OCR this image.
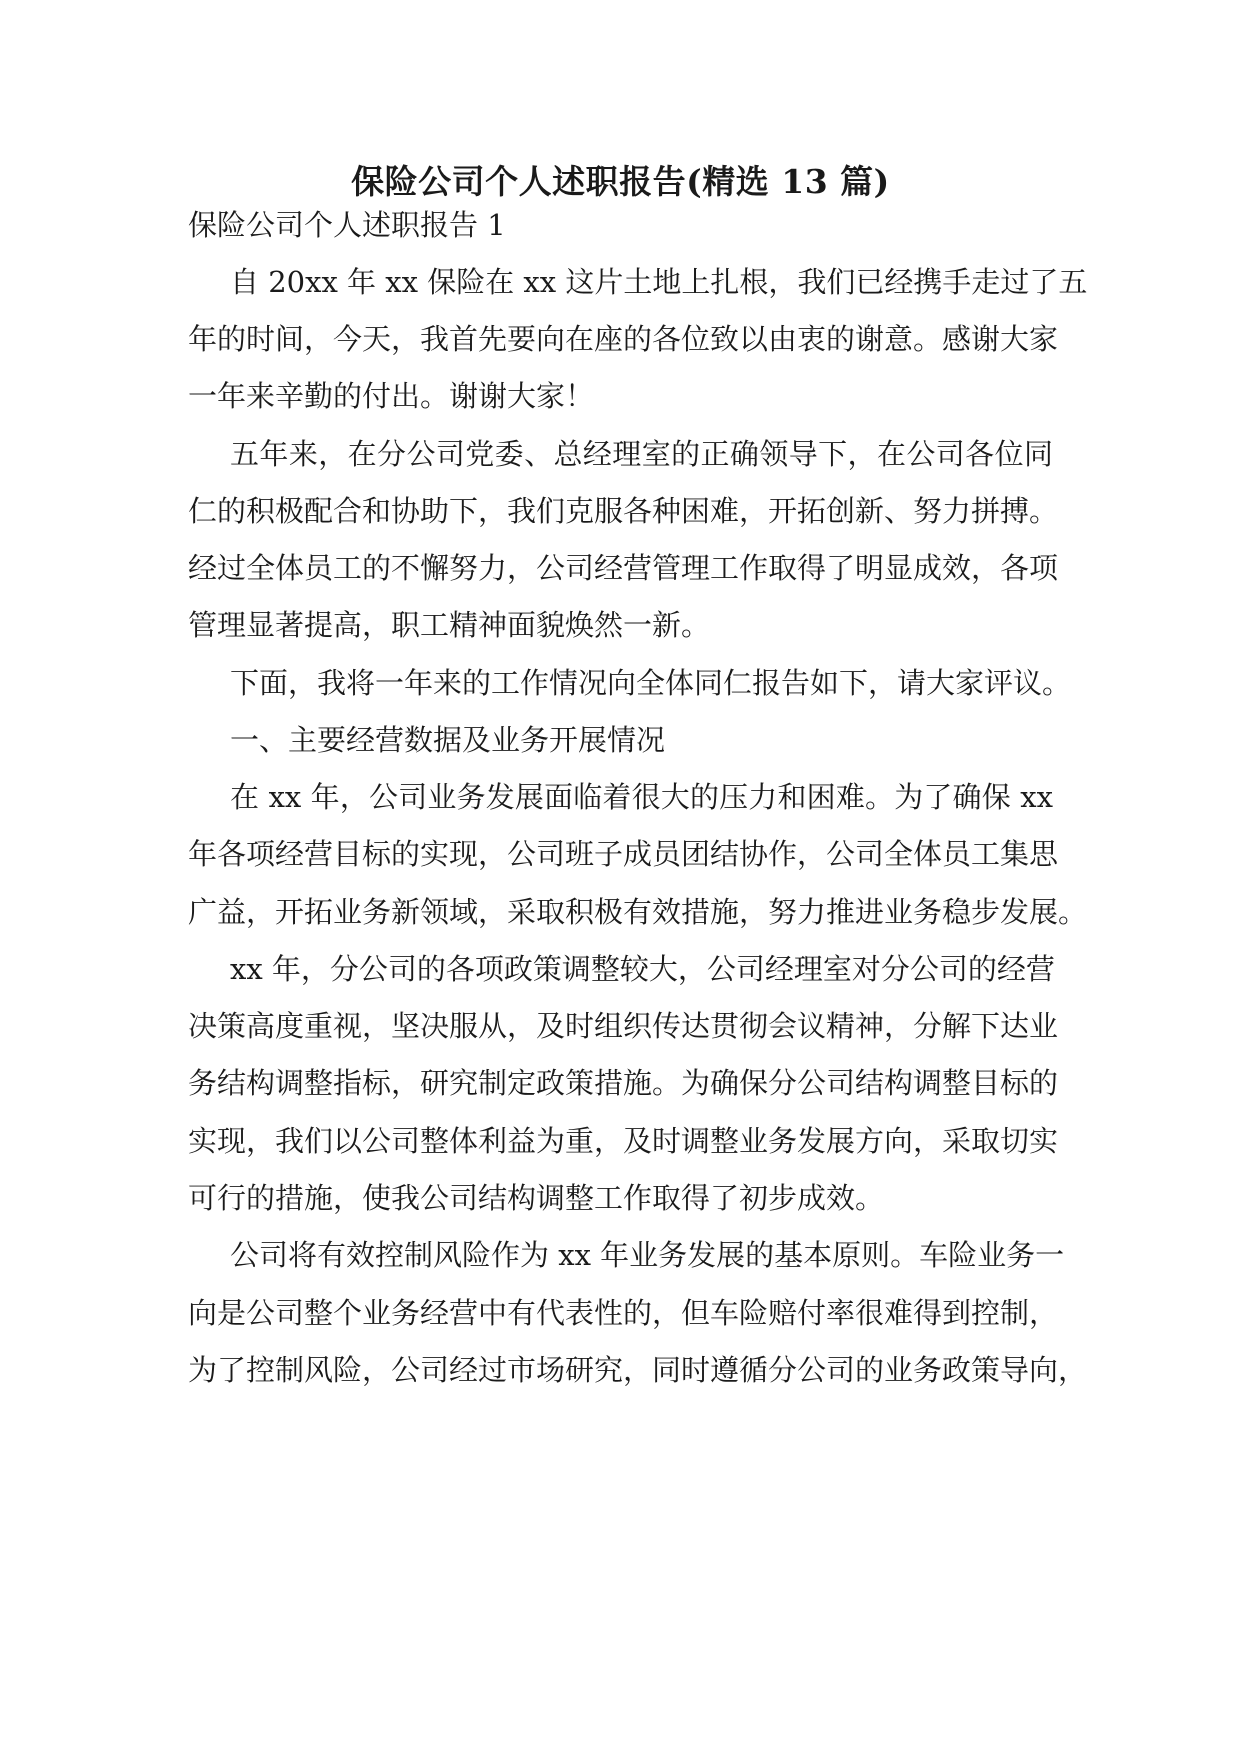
保险公司个人述职报告(精选 13 篇)
保险公司个人述职报告 1
自 20xx 年 xx 保险在 xx 这片土地上扎根，我们已经携手走过了五
年的时间，今天，我首先要向在座的各位致以由衷的谢意。感谢大家
一年来辛勤的付出。谢谢大家！
五年来，在分公司党委、总经理室的正确领导下，在公司各位同
仁的积极配合和协助下，我们克服各种困难，开拓创新、努力拼搏。
经过全体员工的不懈努力，公司经营管理工作取得了明显成效，各项
管理显著提高，职工精神面貌焕然一新。
下面，我将一年来的工作情况向全体同仁报告如下，请大家评议。
一、主要经营数据及业务开展情况
在 xx 年，公司业务发展面临着很大的压力和困难。为了确保 xx
年各项经营目标的实现，公司班子成员团结协作，公司全体员工集思
广益，开拓业务新领域，采取积极有效措施，努力推进业务稳步发展。
xx 年，分公司的各项政策调整较大，公司经理室对分公司的经营
决策高度重视，坚决服从，及时组织传达贯彻会议精神，分解下达业
务结构调整指标，研究制定政策措施。为确保分公司结构调整目标的
实现，我们以公司整体利益为重，及时调整业务发展方向，采取切实
可行的措施，使我公司结构调整工作取得了初步成效。
公司将有效控制风险作为 xx 年业务发展的基本原则。车险业务一
向是公司整个业务经营中有代表性的，但车险赔付率很难得到控制，
为了控制风险，公司经过市场研究，同时遵循分公司的业务政策导向，
